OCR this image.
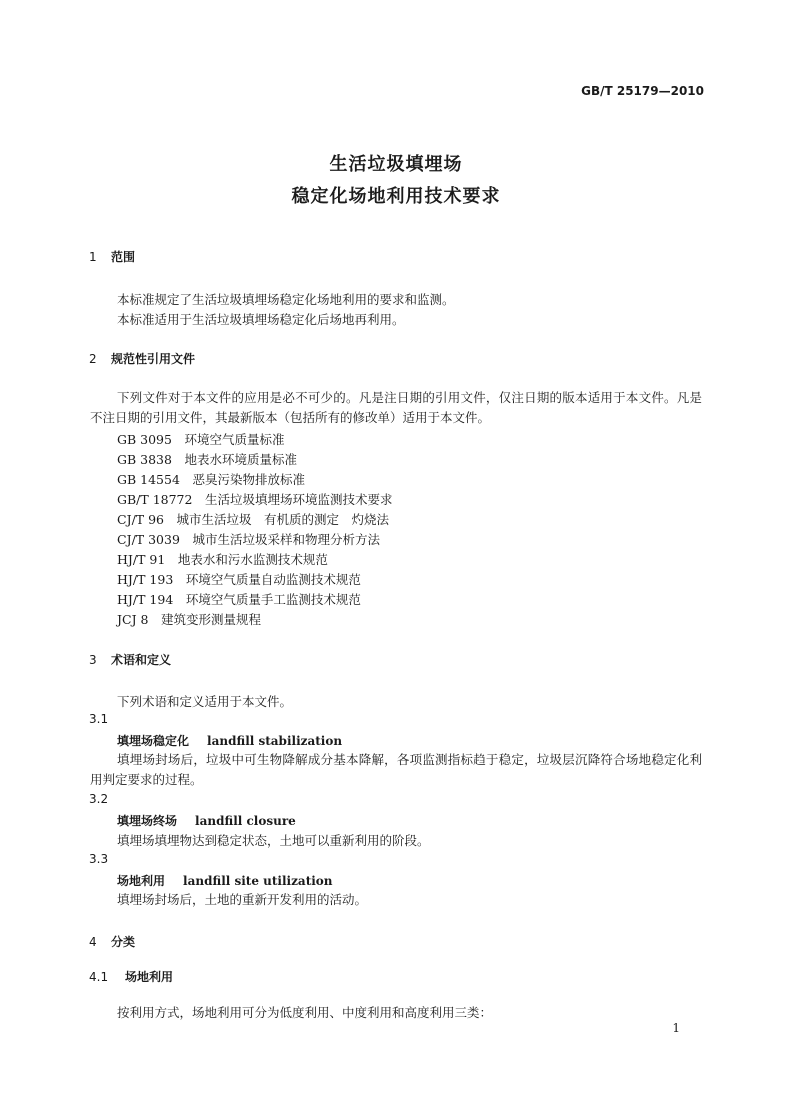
GB/T 25179—2010
生活垃圾填埋场
稳定化场地利用技术要求
1 范围
本标准规定了生活垃圾填埋场稳定化场地利用的要求和监测。
本标准适用于生活垃圾填埋场稳定化后场地再利用。
2 规范性引用文件
下列文件对于本文件的应用是必不可少的。凡是注日期的引用文件，仅注日期的版本适用于本文件。凡是不注日期的引用文件，其最新版本（包括所有的修改单）适用于本文件。
GB 3095　 环境空气质量标准
GB 3838　 地表水环境质量标准
GB 14554　 恶臭污染物排放标准
GB/T 18772　 生活垃圾填埋场环境监测技术要求
CJ/T 96　 城市生活垃圾　有机质的测定　灼烧法
CJ/T 3039　 城市生活垃圾采样和物理分析方法
HJ/T 91　 地表水和污水监测技术规范
HJ/T 193　 环境空气质量自动监测技术规范
HJ/T 194　 环境空气质量手工监测技术规范
JCJ 8　 建筑变形测量规程
3 术语和定义
下列术语和定义适用于本文件。
3.1
填埋场稳定化 landfill stabilization
填埋场封场后，垃圾中可生物降解成分基本降解，各项监测指标趋于稳定，垃圾层沉降符合场地稳定化利用判定要求的过程。
3.2
填埋场终场 landfill closure
填埋场填埋物达到稳定状态，土地可以重新利用的阶段。
3.3
场地利用 landfill site utilization
填埋场封场后，土地的重新开发利用的活动。
4 分类
4.1 场地利用
按利用方式，场地利用可分为低度利用、中度利用和高度利用三类：
1
